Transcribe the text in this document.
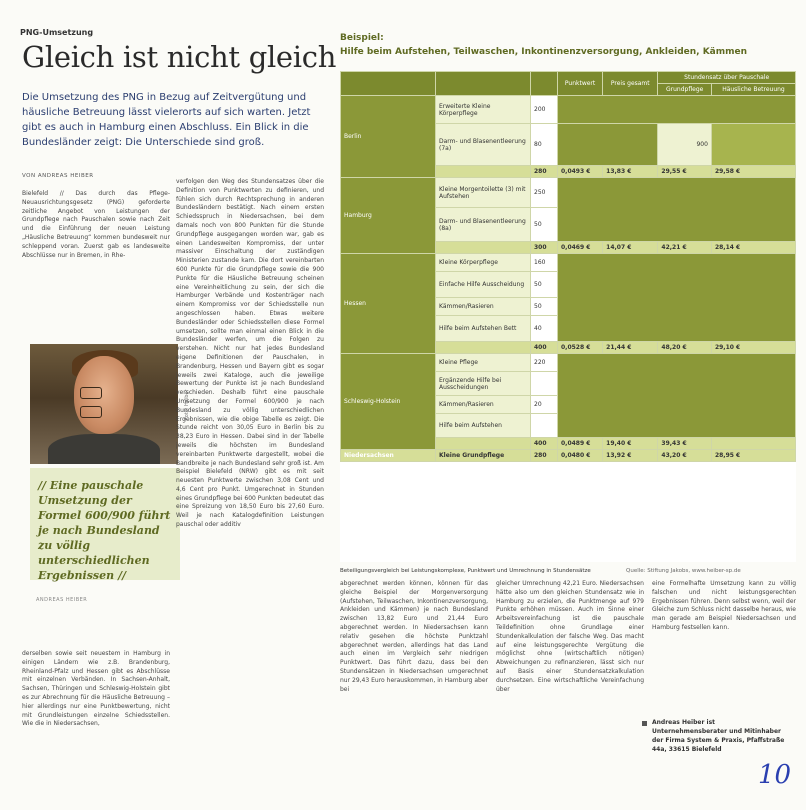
PNG-Umsetzung
Gleich ist nicht gleich
Die Umsetzung des PNG in Bezug auf Zeitvergütung und häusliche Betreuung lässt vielerorts auf sich warten. Jetzt gibt es auch in Hamburg einen Abschluss. Ein Blick in die Bundesländer zeigt: Die Unterschiede sind groß.
VON ANDREAS HEIBER
Bielefeld // Das durch das Pflege-Neuausrichtungsgesetz (PNG) geforderte zeitliche Angebot von Leistungen der Grundpflege nach Pauschalen sowie nach Zeit und die Einführung der neuen Leistung „Häusliche Betreuung“ kommen bundesweit nur schleppend voran. Zuerst gab es landesweite Abschlüsse nur in Bremen, in Rhe-
Foto: Heiber
// Eine pauschale Umsetzung der Formel 600/900 führt je nach Bundesland zu völlig unterschiedlichen Ergebnissen //
ANDREAS HEIBER
derselben sowie seit neuestem in Hamburg in einigen Ländern wie z.B. Brandenburg, Rheinland-Pfalz und Hessen gibt es Abschlüsse mit einzelnen Verbänden. In Sachsen-Anhalt, Sachsen, Thüringen und Schleswig-Holstein gibt es zur Abrechnung für die Häusliche Betreuung – hier allerdings nur eine Punktbewertung, nicht mit Grundleistungen einzelne Schiedsstellen. Wie die in Niedersachsen,
verfolgen den Weg des Stundensatzes über die Definition von Punktwerten zu definieren, und fühlen sich durch Rechtsprechung in anderen Bundesländern bestätigt. Nach einem ersten Schiedsspruch in Niedersachsen, bei dem damals noch von 800 Punkten für die Stunde Grundpflege ausgegangen worden war, gab es einen Landesweiten Kompromiss, der unter massiver Einschaltung der zuständigen Ministerien zustande kam. Die dort vereinbarten 600 Punkte für die Grundpflege sowie die 900 Punkte für die Häusliche Betreuung scheinen eine Vereinheitlichung zu sein, der sich die Hamburger Verbände und Kostenträger nach einem Kompromiss vor der Schiedsstelle nun angeschlossen haben. Etwas weitere Bundesländer oder Schiedsstellen diese Formel umsetzen, sollte man einmal einen Blick in die Bundesländer werfen, um die Folgen zu verstehen. Nicht nur hat jedes Bundesland eigene Definitionen der Pauschalen, in Brandenburg, Hessen und Bayern gibt es sogar jeweils zwei Kataloge, auch die jeweilige Bewertung der Punkte ist je nach Bundesland verschieden. Deshalb führt eine pauschale Umsetzung der Formel 600/900 je nach Bundesland zu völlig unterschiedlichen Ergebnissen, wie die obige Tabelle es zeigt. Die Stunde reicht von 30,05 Euro in Berlin bis zu 38,23 Euro in Hessen. Dabei sind in der Tabelle jeweils die höchsten im Bundesland vereinbarten Punktwerte dargestellt, wobei die Bandbreite je nach Bundesland sehr groß ist. Am Beispiel Bielefeld (NRW) gibt es mit seit neuesten Punktwerte zwischen 3,08 Cent und 4,6 Cent pro Punkt. Umgerechnet in Stunden eines Grundpflege bei 600 Punkten bedeutet das eine Spreizung von 18,50 Euro bis 27,60 Euro. Weil je nach Katalogdefinition Leistungen pauschal oder additiv
abgerechnet werden können, können für das gleiche Beispiel der Morgenversorgung (Aufstehen, Teilwaschen, Inkontinenzversorgung, Ankleiden und Kämmen) je nach Bundesland zwischen 13,82 Euro und 21,44 Euro abgerechnet werden. In Niedersachsen kann relativ gesehen die höchste Punktzahl abgerechnet werden, allerdings hat das Land auch einen im Vergleich sehr niedrigen Punktwert. Das führt dazu, dass bei den Stundensätzen in Niedersachsen umgerechnet nur 29,43 Euro herauskommen, in Hamburg aber bei
gleicher Umrechnung 42,21 Euro. Niedersachsen hätte also um den gleichen Stundensatz wie in Hamburg zu erzielen, die Punktmenge auf 979 Punkte erhöhen müssen. Auch im Sinne einer Arbeitsvereinfachung ist die pauschale Teildefinition ohne Grundlage einer Stundenkalkulation der falsche Weg. Das macht auf eine leistungsgerechte Vergütung die möglichst ohne (wirtschaftlich nötigen) Abweichungen zu refinanzieren, lässt sich nur auf Basis einer Stundensatzkalkulation durchsetzen. Eine wirtschaftliche Vereinfachung über
eine Formelhafte Umsetzung kann zu völlig falschen und nicht leistungsgerechten Ergebnissen führen. Denn selbst wenn, weil der Gleiche zum Schluss nicht dasselbe heraus, wie man gerade am Beispiel Niedersachsen und Hamburg festsellen kann.
Andreas Heiber ist Unternehmensberater und Mitinhaber der Firma System & Praxis, Pfaffstraße 44a, 33615 Bielefeld
Beispiel:
Hilfe beim Aufstehen, Teilwaschen, Inkontinenzversorgung, Ankleiden, Kämmen
			Punktwert	Preis gesamt	Stundensatz über Pauschale	
					Grundpflege	Häusliche Betreuung
Berlin	Erweiterte Kleine Körperpflege	200				
	Darm- und Blasenentleerung (7a)	80			900	
		280	0,0493 €	13,83 €	29,55 €	29,58 €
Hamburg	Kleine Morgentoilette (3) mit Aufstehen	250				
	Darm- und Blasenentleerung (8a)	50				
		300	0,0469 €	14,07 €	42,21 €	28,14 €
Hessen	Kleine Körperpflege	160				
	Einfache Hilfe Ausscheidung	50				
	Kämmen/Rasieren	50				
	Hilfe beim Aufstehen Bett	40				
		400	0,0528 €	21,44 €	48,20 €	29,10 €
Schleswig-Holstein	Kleine Pflege	220				
	Ergänzende Hilfe bei Ausscheidungen					
	Kämmen/Rasieren	20				
	Hilfe beim Aufstehen					
		400	0,0489 €	19,40 €	39,43 €	
Niedersachsen	Kleine Grundpflege	280	0,0480 €	13,92 €	43,20 €	28,95 €
Beteiligungsvergleich bei Leistungskomplexe, Punktwert und Umrechnung in Stundensätze	Quelle: Stiftung Jakobs, www.heiber-sp.de
10
